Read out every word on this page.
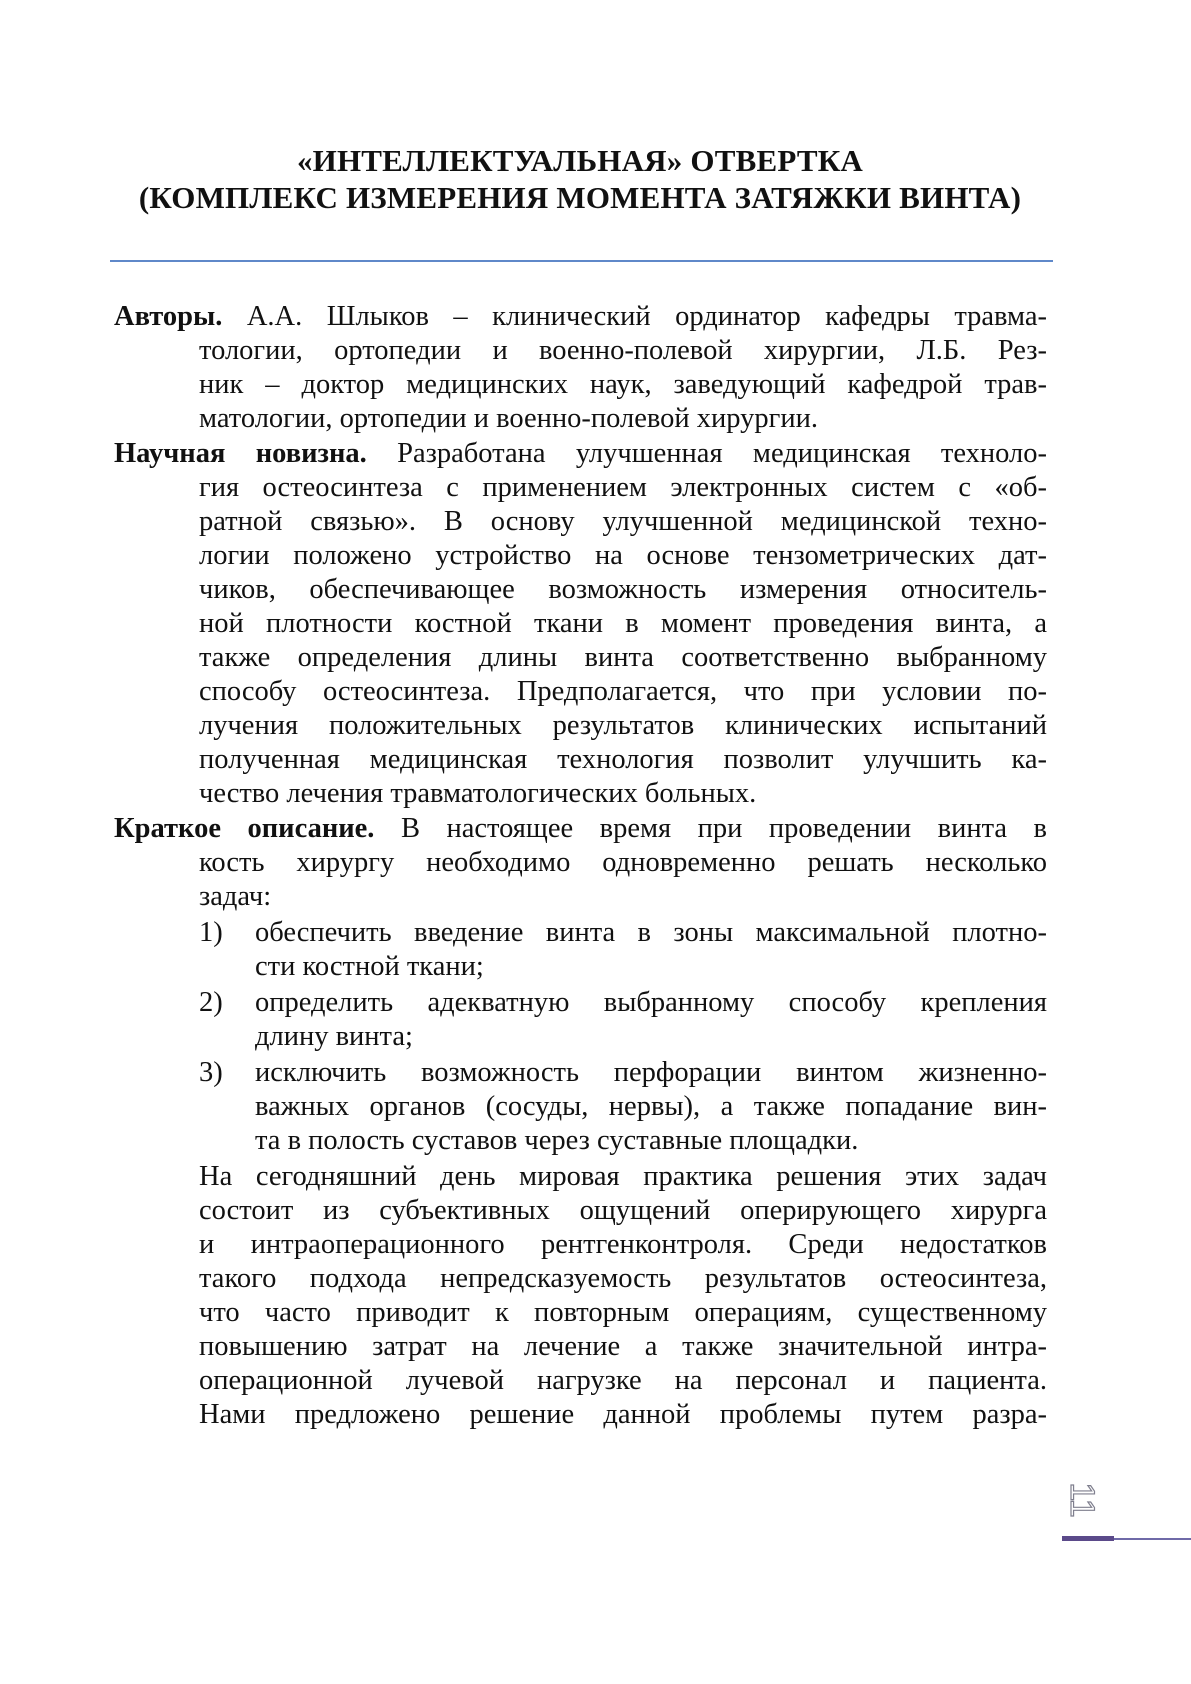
«ИНТЕЛЛЕКТУАЛЬНАЯ» ОТВЕРТКА
(КОМПЛЕКС ИЗМЕРЕНИЯ МОМЕНТА ЗАТЯЖКИ ВИНТА)
Авторы. А.А. Шлыков – клинический ординатор кафедры травма-
тологии, ортопедии и военно-полевой хирургии, Л.Б. Рез-
ник – доктор медицинских наук, заведующий кафедрой трав-
матологии, ортопедии и военно-полевой хирургии.
Научная новизна. Разработана улучшенная медицинская техноло-
гия остеосинтеза с применением электронных систем с «об-
ратной связью». В основу улучшенной медицинской техно-
логии положено устройство на основе тензометрических дат-
чиков, обеспечивающее возможность измерения относитель-
ной плотности костной ткани в момент проведения винта, а
также определения длины винта соответственно выбранному
способу остеосинтеза. Предполагается, что при условии по-
лучения положительных результатов клинических испытаний
полученная медицинская технология позволит улучшить ка-
чество лечения травматологических больных.
Краткое описание. В настоящее время при проведении винта в
кость хирургу необходимо одновременно решать несколько
задач:
1) обеспечить введение винта в зоны максимальной плотно-
сти костной ткани;
2) определить адекватную выбранному способу крепления
длину винта;
3) исключить возможность перфорации винтом жизненно-
важных органов (сосуды, нервы), а также попадание вин-
та в полость суставов через суставные площадки.
На сегодняшний день мировая практика решения этих задач
состоит из субъективных ощущений оперирующего хирурга
и интраоперационного рентгенконтроля. Среди недостатков
такого подхода непредсказуемость результатов остеосинтеза,
что часто приводит к повторным операциям, существенному
повышению затрат на лечение а также значительной интра-
операционной лучевой нагрузке на персонал и пациента.
Нами предложено решение данной проблемы путем разра-
11
